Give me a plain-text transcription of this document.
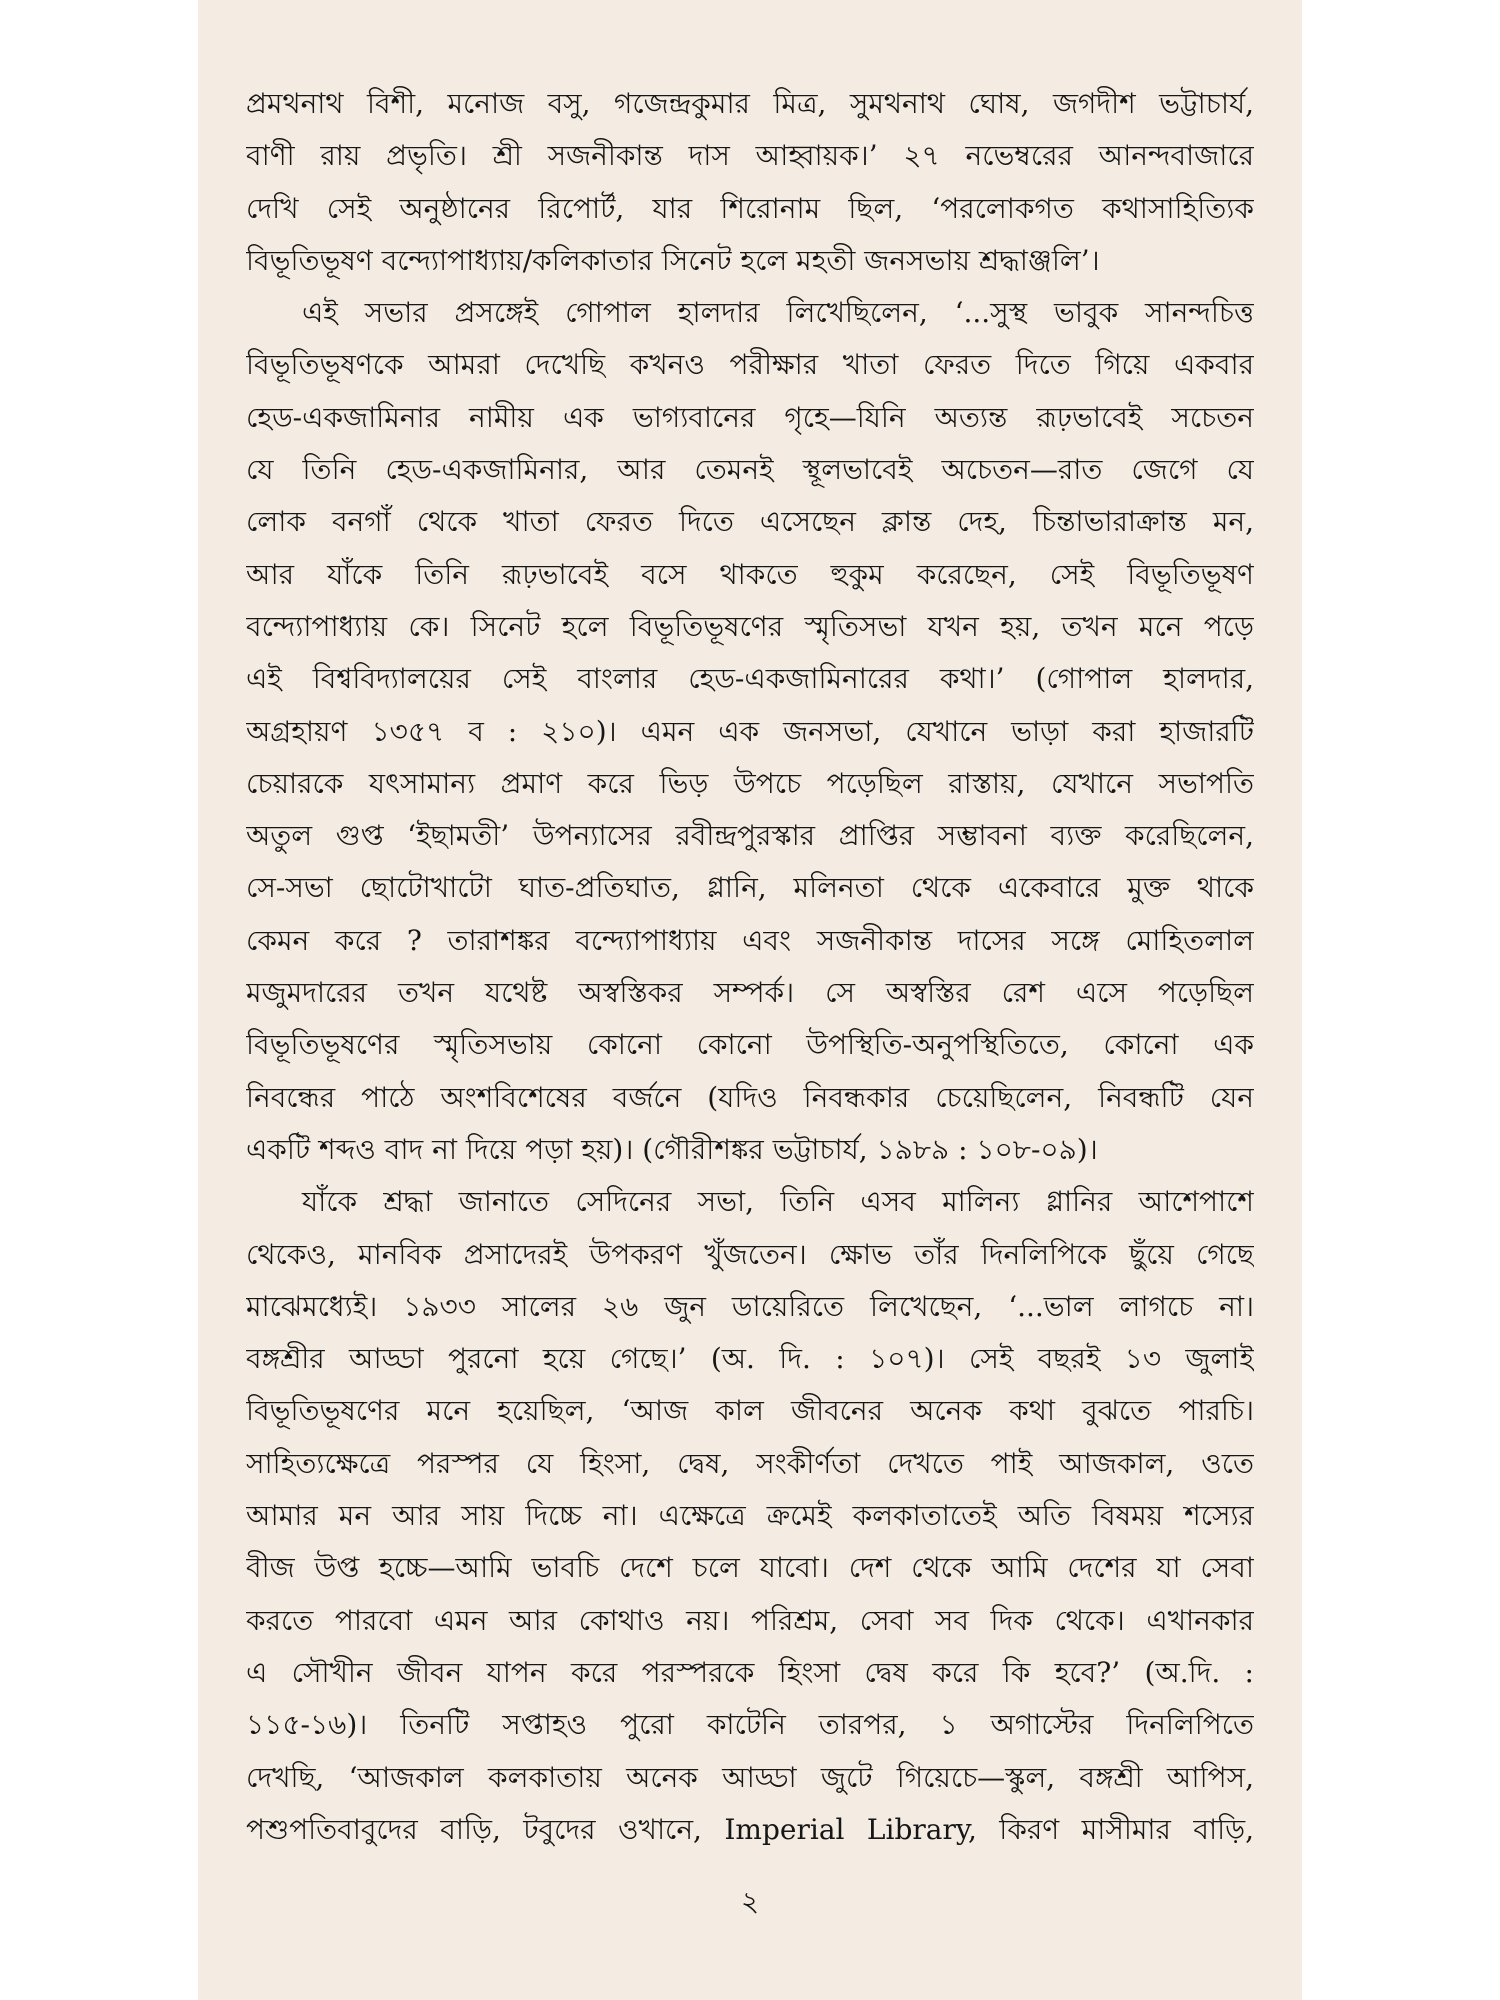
প্রমথনাথ বিশী, মনোজ বসু, গজেন্দ্রকুমার মিত্র, সুমথনাথ ঘোষ, জগদীশ ভট্টাচার্য,
বাণী রায় প্রভৃতি। শ্রী সজনীকান্ত দাস আহ্বায়ক।’ ২৭ নভেম্বরের আনন্দবাজারে
দেখি সেই অনুষ্ঠানের রিপোর্ট, যার শিরোনাম ছিল, ‘পরলোকগত কথাসাহিত্যিক
বিভূতিভূষণ বন্দ্যোপাধ্যায়/কলিকাতার সিনেট হলে মহতী জনসভায় শ্রদ্ধাঞ্জলি’।
এই সভার প্রসঙ্গেই গোপাল হালদার লিখেছিলেন, ‘...সুস্থ ভাবুক সানন্দচিত্ত
বিভূতিভূষণকে আমরা দেখেছি কখনও পরীক্ষার খাতা ফেরত দিতে গিয়ে একবার
হেড-একজামিনার নামীয় এক ভাগ্যবানের গৃহে—যিনি অত্যন্ত রূঢ়ভাবেই সচেতন
যে তিনি হেড-একজামিনার, আর তেমনই স্থূলভাবেই অচেতন—রাত জেগে যে
লোক বনগাঁ থেকে খাতা ফেরত দিতে এসেছেন ক্লান্ত দেহ, চিন্তাভারাক্রান্ত মন,
আর যাঁকে তিনি রূঢ়ভাবেই বসে থাকতে হুকুম করেছেন, সেই বিভূতিভূষণ
বন্দ্যোপাধ্যায় কে। সিনেট হলে বিভূতিভূষণের স্মৃতিসভা যখন হয়, তখন মনে পড়ে
এই বিশ্ববিদ্যালয়ের সেই বাংলার হেড-একজামিনারের কথা।’ (গোপাল হালদার,
অগ্রহায়ণ ১৩৫৭ ব : ২১০)। এমন এক জনসভা, যেখানে ভাড়া করা হাজারটি
চেয়ারকে যৎসামান্য প্রমাণ করে ভিড় উপচে পড়েছিল রাস্তায়, যেখানে সভাপতি
অতুল গুপ্ত ‘ইছামতী’ উপন্যাসের রবীন্দ্রপুরস্কার প্রাপ্তির সম্ভাবনা ব্যক্ত করেছিলেন,
সে-সভা ছোটোখাটো ঘাত-প্রতিঘাত, গ্লানি, মলিনতা থেকে একেবারে মুক্ত থাকে
কেমন করে ? তারাশঙ্কর বন্দ্যোপাধ্যায় এবং সজনীকান্ত দাসের সঙ্গে মোহিতলাল
মজুমদারের তখন যথেষ্ট অস্বস্তিকর সম্পর্ক। সে অস্বস্তির রেশ এসে পড়েছিল
বিভূতিভূষণের স্মৃতিসভায় কোনো কোনো উপস্থিতি-অনুপস্থিতিতে, কোনো এক
নিবন্ধের পাঠে অংশবিশেষের বর্জনে (যদিও নিবন্ধকার চেয়েছিলেন, নিবন্ধটি যেন
একটি শব্দও বাদ না দিয়ে পড়া হয়)। (গৌরীশঙ্কর ভট্টাচার্য, ১৯৮৯ : ১০৮-০৯)।
যাঁকে শ্রদ্ধা জানাতে সেদিনের সভা, তিনি এসব মালিন্য গ্লানির আশেপাশে
থেকেও, মানবিক প্রসাদেরই উপকরণ খুঁজতেন। ক্ষোভ তাঁর দিনলিপিকে ছুঁয়ে গেছে
মাঝেমধ্যেই। ১৯৩৩ সালের ২৬ জুন ডায়েরিতে লিখেছেন, ‘...ভাল লাগচে না।
বঙ্গশ্রীর আড্ডা পুরনো হয়ে গেছে।’ (অ. দি. : ১০৭)। সেই বছরই ১৩ জুলাই
বিভূতিভূষণের মনে হয়েছিল, ‘আজ কাল জীবনের অনেক কথা বুঝতে পারচি।
সাহিত্যক্ষেত্রে পরস্পর যে হিংসা, দ্বেষ, সংকীর্ণতা দেখতে পাই আজকাল, ওতে
আমার মন আর সায় দিচ্চে না। এক্ষেত্রে ক্রমেই কলকাতাতেই অতি বিষময় শস্যের
বীজ উপ্ত হচ্চে—আমি ভাবচি দেশে চলে যাবো। দেশ থেকে আমি দেশের যা সেবা
করতে পারবো এমন আর কোথাও নয়। পরিশ্রম, সেবা সব দিক থেকে। এখানকার
এ সৌখীন জীবন যাপন করে পরস্পরকে হিংসা দ্বেষ করে কি হবে?’ (অ.দি. :
১১৫-১৬)। তিনটি সপ্তাহও পুরো কাটেনি তারপর, ১ অগাস্টের দিনলিপিতে
দেখছি, ‘আজকাল কলকাতায় অনেক আড্ডা জুটে গিয়েচে—স্কুল, বঙ্গশ্রী আপিস,
পশুপতিবাবুদের বাড়ি, টবুদের ওখানে, Imperial Library, কিরণ মাসীমার বাড়ি,
২
